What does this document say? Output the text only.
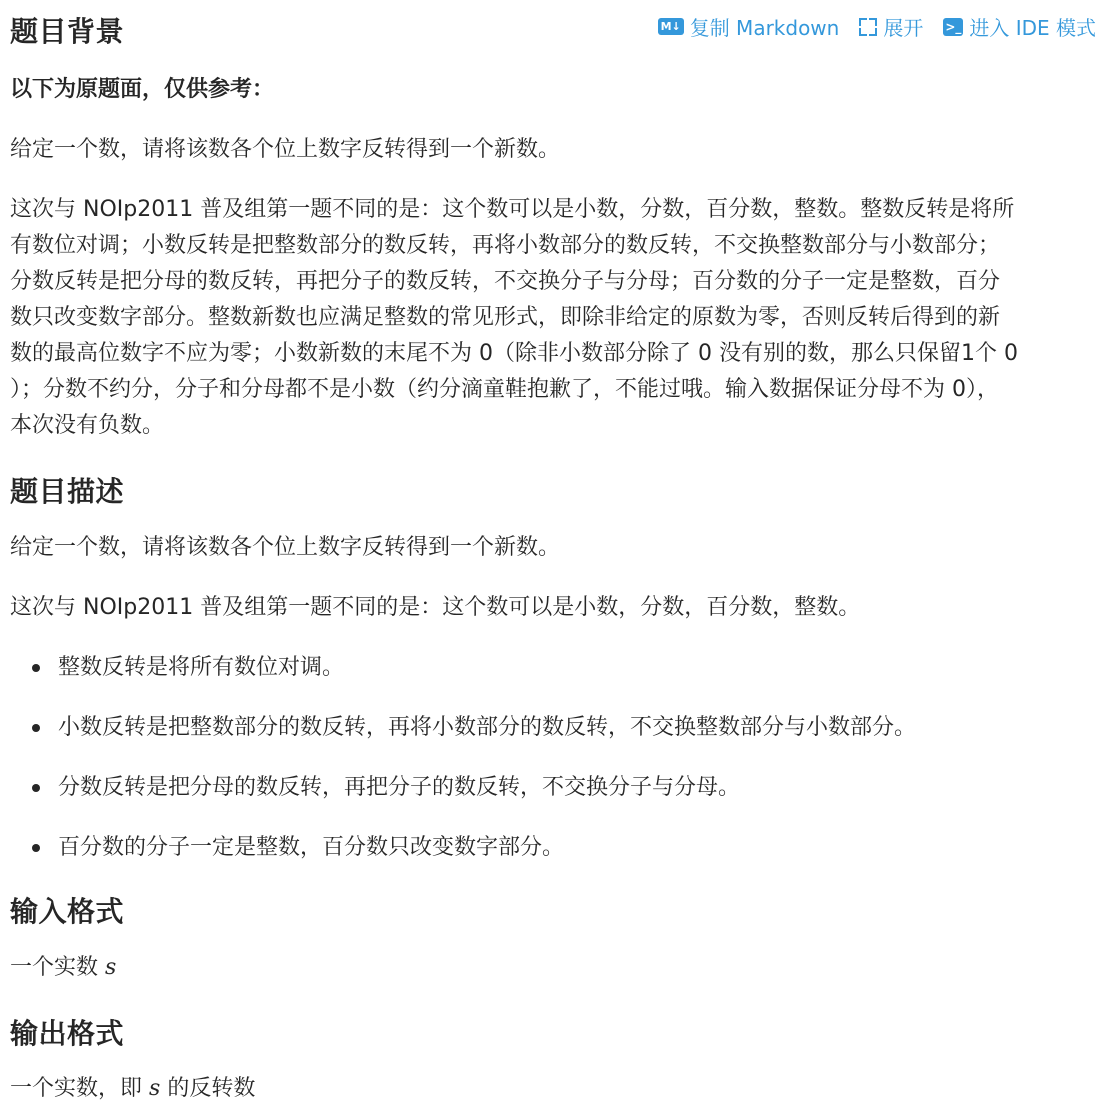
M↓ 复制 Markdown 展开 >_ 进入 IDE 模式
题目背景

以下为原题面，仅供参考：

给定一个数，请将该数各个位上数字反转得到一个新数。

这次与 NOIp2011 普及组第一题不同的是：这个数可以是小数，分数，百分数，整数。整数反转是将所
有数位对调；小数反转是把整数部分的数反转，再将小数部分的数反转，不交换整数部分与小数部分；
分数反转是把分母的数反转，再把分子的数反转，不交换分子与分母；百分数的分子一定是整数，百分
数只改变数字部分。整数新数也应满足整数的常见形式，即除非给定的原数为零，否则反转后得到的新
数的最高位数字不应为零；小数新数的末尾不为 0（除非小数部分除了 0 没有别的数，那么只保留1个 0
）；分数不约分，分子和分母都不是小数（约分滴童鞋抱歉了，不能过哦。输入数据保证分母不为 0），
本次没有负数。
题目描述

给定一个数，请将该数各个位上数字反转得到一个新数。

这次与 NOIp2011 普及组第一题不同的是：这个数可以是小数，分数，百分数，整数。

整数反转是将所有数位对调。
小数反转是把整数部分的数反转，再将小数部分的数反转，不交换整数部分与小数部分。
分数反转是把分母的数反转，再把分子的数反转，不交换分子与分母。
百分数的分子一定是整数，百分数只改变数字部分。
输入格式

一个实数 s

输出格式

一个实数，即 s 的反转数
